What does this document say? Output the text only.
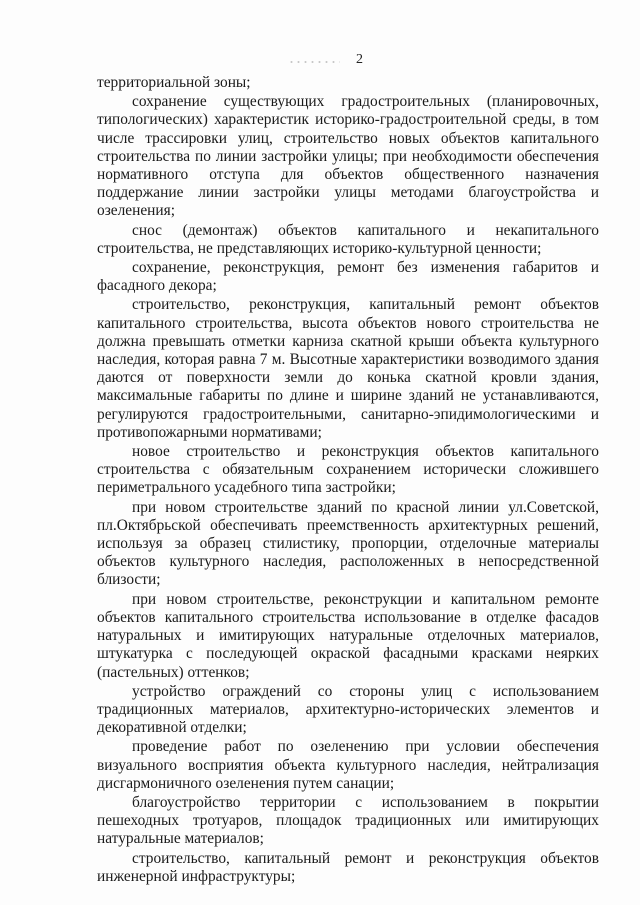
2

территориальной зоны;

сохранение существующих градостроительных (планировочных, типологических) характеристик историко-градостроительной среды, в том числе трассировки улиц, строительство новых объектов капитального строительства по линии застройки улицы; при необходимости обеспечения нормативного отступа для объектов общественного назначения поддержание линии застройки улицы методами благоустройства и озеленения;

снос (демонтаж) объектов капитального и некапитального строительства, не представляющих историко-культурной ценности;

сохранение, реконструкция, ремонт без изменения габаритов и фасадного декора;

строительство, реконструкция, капитальный ремонт объектов капитального строительства, высота объектов нового строительства не должна превышать отметки карниза скатной крыши объекта культурного наследия, которая равна 7 м. Высотные характеристики возводимого здания даются от поверхности земли до конька скатной кровли здания, максимальные габариты по длине и ширине зданий не устанавливаются, регулируются градостроительными, санитарно-эпидимологическими и противопожарными нормативами;

новое строительство и реконструкция объектов капитального строительства с обязательным сохранением исторически сложившего периметрального усадебного типа застройки;

при новом строительстве зданий по красной линии ул.Советской, пл.Октябрьской обеспечивать преемственность архитектурных решений, используя за образец стилистику, пропорции, отделочные материалы объектов культурного наследия, расположенных в непосредственной близости;

при новом строительстве, реконструкции и капитальном ремонте объектов капитального строительства использование в отделке фасадов натуральных и имитирующих натуральные отделочных материалов, штукатурка с последующей окраской фасадными красками неярких (пастельных) оттенков;

устройство ограждений со стороны улиц с использованием традиционных материалов, архитектурно-исторических элементов и декоративной отделки;

проведение работ по озеленению при условии обеспечения визуального восприятия объекта культурного наследия, нейтрализация дисгармоничного озеленения путем санации;

благоустройство территории с использованием в покрытии пешеходных тротуаров, площадок традиционных или имитирующих натуральные материалов;

строительство, капитальный ремонт и реконструкция объектов инженерной инфраструктуры;
